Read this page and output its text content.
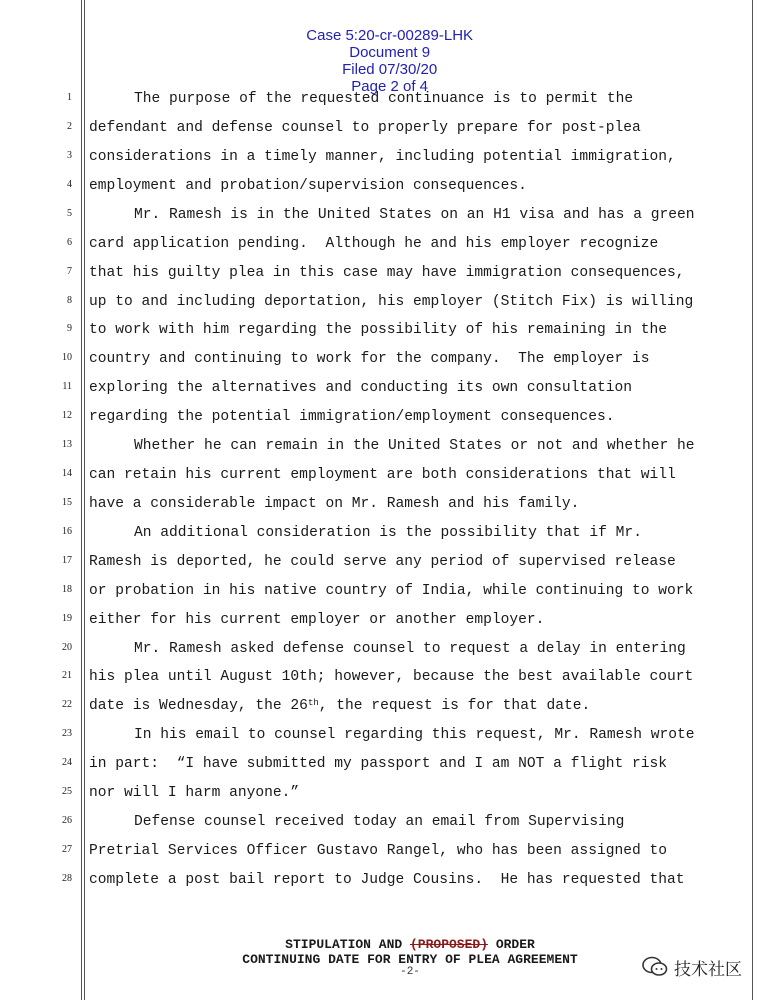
Case 5:20-cr-00289-LHK
Document 9
Filed 07/30/20
Page 2 of 4

1
2
3
4
5
6
7
8
9
10
11
12
13
14
15
16
17
18
19
20
21
22
23
24
25
26
27
28
The purpose of the requested continuance is to permit the
defendant and defense counsel to properly prepare for post-plea
considerations in a timely manner, including potential immigration,
employment and probation/supervision consequences.
Mr. Ramesh is in the United States on an H1 visa and has a green
card application pending.  Although he and his employer recognize
that his guilty plea in this case may have immigration consequences,
up to and including deportation, his employer (Stitch Fix) is willing
to work with him regarding the possibility of his remaining in the
country and continuing to work for the company.  The employer is
exploring the alternatives and conducting its own consultation
regarding the potential immigration/employment consequences.
Whether he can remain in the United States or not and whether he
can retain his current employment are both considerations that will
have a considerable impact on Mr. Ramesh and his family.
An additional consideration is the possibility that if Mr.
Ramesh is deported, he could serve any period of supervised release
or probation in his native country of India, while continuing to work
either for his current employer or another employer.
Mr. Ramesh asked defense counsel to request a delay in entering
his plea until August 10th; however, because the best available court
date is Wednesday, the 26th, the request is for that date.
In his email to counsel regarding this request, Mr. Ramesh wrote
in part:  “I have submitted my passport and I am NOT a flight risk
nor will I harm anyone.”
Defense counsel received today an email from Supervising
Pretrial Services Officer Gustavo Rangel, who has been assigned to
complete a post bail report to Judge Cousins.  He has requested that
STIPULATION AND (PROPOSED) ORDER
CONTINUING DATE FOR ENTRY OF PLEA AGREEMENT
-2-	技术社区
